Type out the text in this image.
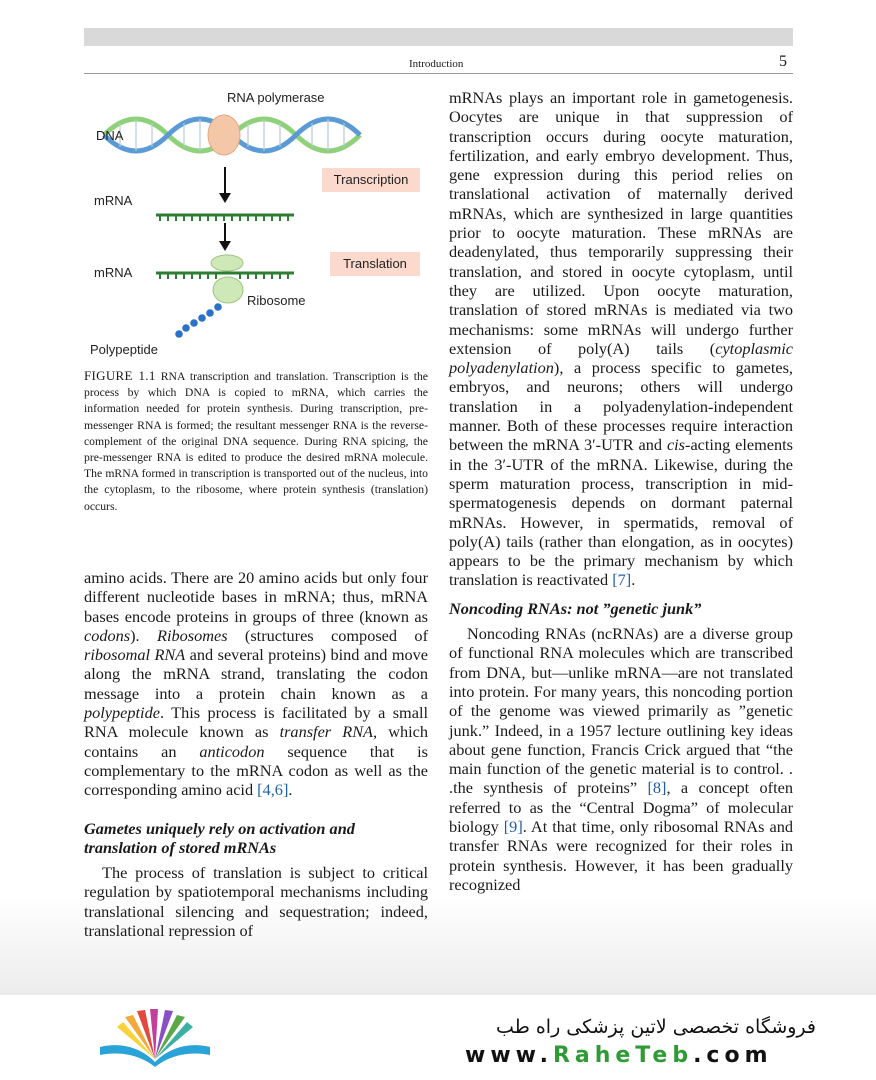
Introduction	5
RNA polymerase
DNA
mRNA
mRNA
Ribosome
Polypeptide
Transcription
Translation
FIGURE 1.1 RNA transcription and translation. Transcription is the process by which DNA is copied to mRNA, which carries the information needed for protein synthesis. During transcription, pre-messenger RNA is formed; the resultant messenger RNA is the reverse-complement of the original DNA sequence. During RNA spicing, the pre-messenger RNA is edited to produce the desired mRNA molecule. The mRNA formed in transcription is transported out of the nucleus, into the cytoplasm, to the ribosome, where protein synthesis (translation) occurs.

amino acids. There are 20 amino acids but only four different nucleotide bases in mRNA; thus, mRNA bases encode proteins in groups of three (known as codons). Ribosomes (structures composed of ribosomal RNA and several proteins) bind and move along the mRNA strand, translating the codon message into a protein chain known as a polypeptide. This process is facilitated by a small RNA molecule known as transfer RNA, which contains an anticodon sequence that is complementary to the mRNA codon as well as the corresponding amino acid [4,6].

Gametes uniquely rely on activation and translation of stored mRNAs

The process of translation is subject to critical regulation by spatiotemporal mechanisms including translational silencing and sequestration; indeed, translational repression of

mRNAs plays an important role in gametogenesis. Oocytes are unique in that suppression of transcription occurs during oocyte maturation, fertilization, and early embryo development. Thus, gene expression during this period relies on translational activation of maternally derived mRNAs, which are synthesized in large quantities prior to oocyte maturation. These mRNAs are deadenylated, thus temporarily suppressing their translation, and stored in oocyte cytoplasm, until they are utilized. Upon oocyte maturation, translation of stored mRNAs is mediated via two mechanisms: some mRNAs will undergo further extension of poly(A) tails (cytoplasmic polyadenylation), a process specific to gametes, embryos, and neurons; others will undergo translation in a polyadenylation-independent manner. Both of these processes require interaction between the mRNA 3′-UTR and cis-acting elements in the 3′-UTR of the mRNA. Likewise, during the sperm maturation process, transcription in mid-spermatogenesis depends on dormant paternal mRNAs. However, in spermatids, removal of poly(A) tails (rather than elongation, as in oocytes) appears to be the primary mechanism by which translation is reactivated [7].

Noncoding RNAs: not ”genetic junk”

Noncoding RNAs (ncRNAs) are a diverse group of functional RNA molecules which are transcribed from DNA, but—unlike mRNA—are not translated into protein. For many years, this noncoding portion of the genome was viewed primarily as ”genetic junk.” Indeed, in a 1957 lecture outlining key ideas about gene function, Francis Crick argued that “the main function of the genetic material is to control. . .the synthesis of proteins” [8], a concept often referred to as the “Central Dogma” of molecular biology [9]. At that time, only ribosomal RNAs and transfer RNAs were recognized for their roles in protein synthesis. However, it has been gradually recognized

فروشگاه تخصصی لاتین پزشکی راه طب
www.RaheTeb.com
